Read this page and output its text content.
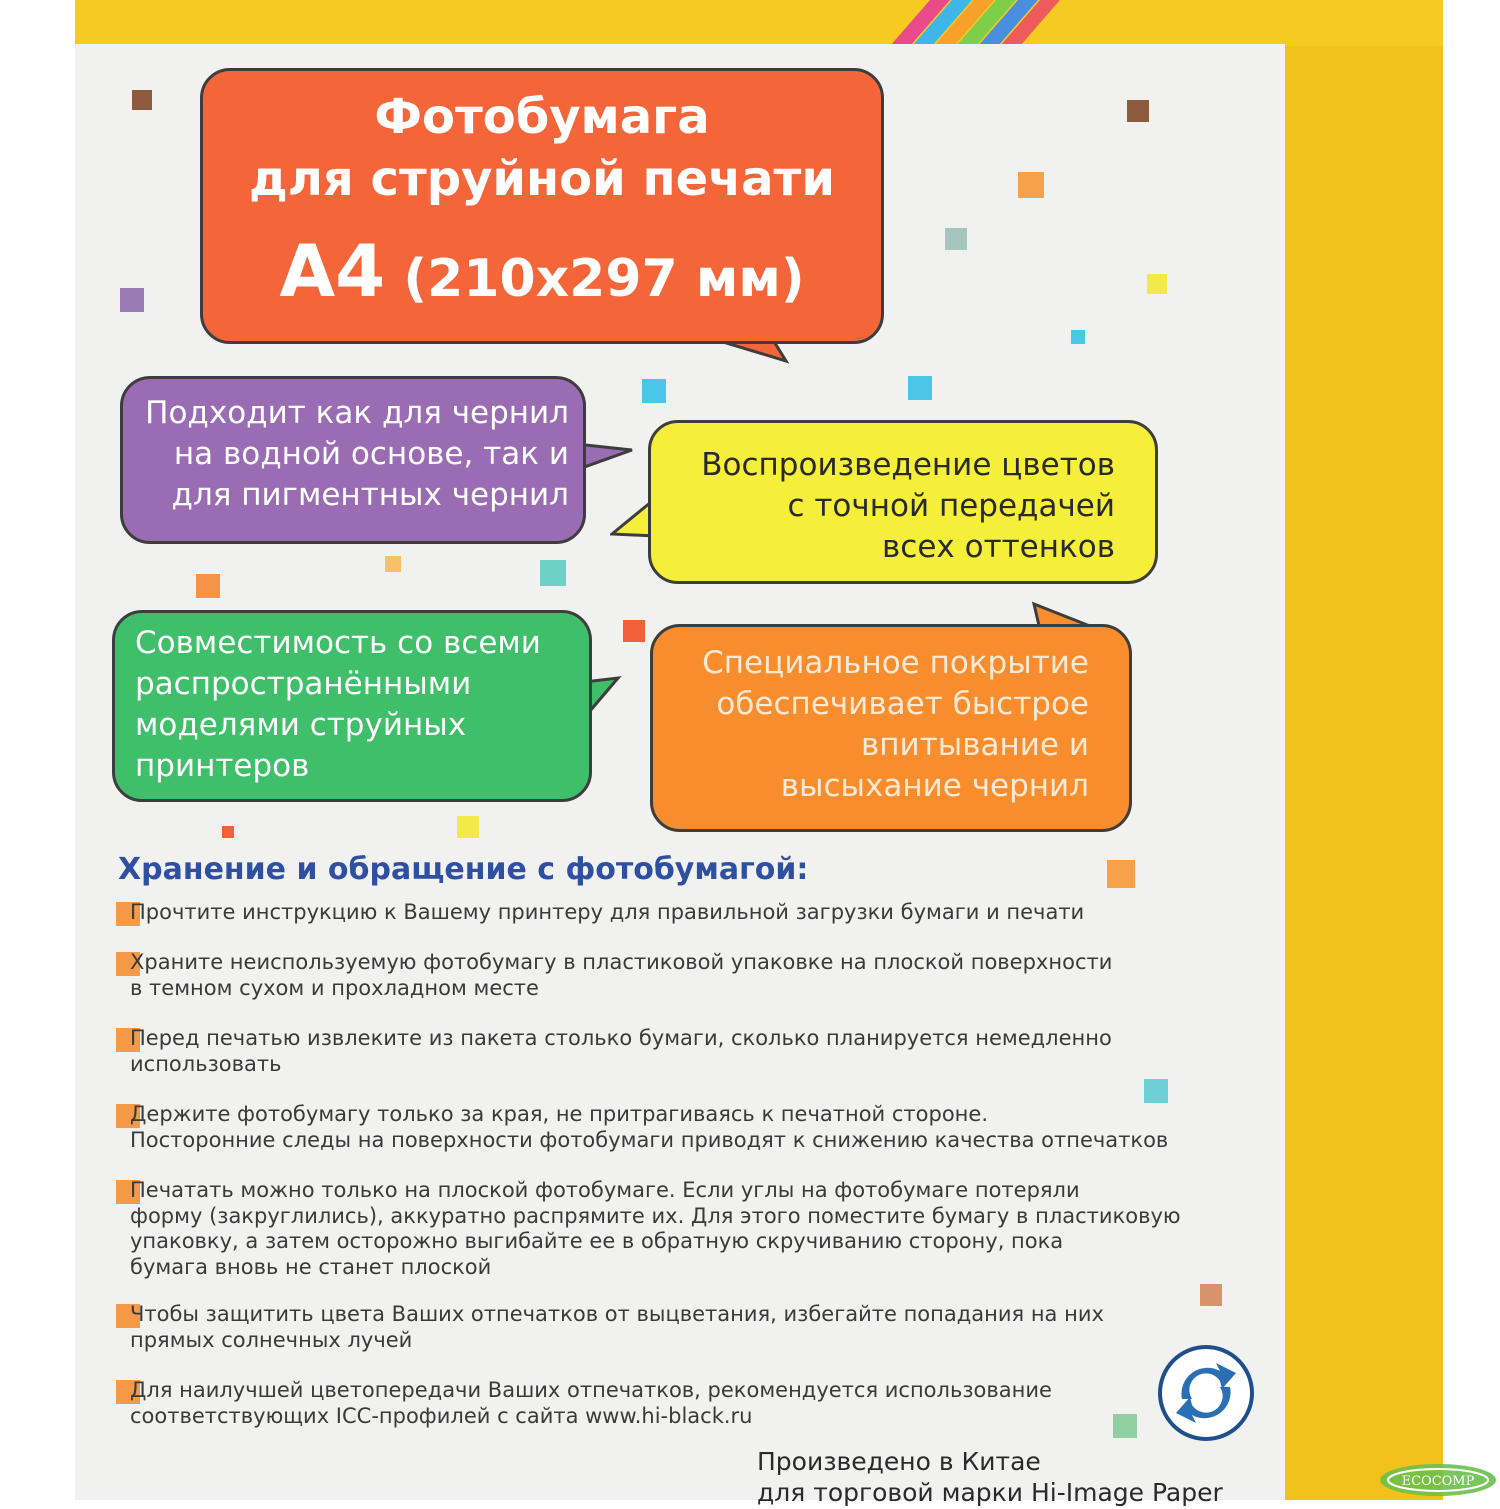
Фотобумага
для струйной печати
A4 (210x297 мм)
Подходит как для чернил
на водной основе, так и
для пигментных чернил
Воспроизведение цветов
с точной передачей
всех оттенков
Совместимость со всеми
распространёнными
моделями струйных
принтеров
Специальное покрытие
обеспечивает быстрое
впитывание и
высыхание чернил
Хранение и обращение с фотобумагой:
Прочтите инструкцию к Вашему принтеру для правильной загрузки бумаги и печати
Храните неиспользуемую фотобумагу в пластиковой упаковке на плоской поверхности
в темном сухом и прохладном месте
Перед печатью извлеките из пакета столько бумаги, сколько планируется немедленно
использовать
Держите фотобумагу только за края, не притрагиваясь к печатной стороне.
Посторонние следы на поверхности фотобумаги приводят к снижению качества отпечатков
Печатать можно только на плоской фотобумаге. Если углы на фотобумаге потеряли
форму (закруглились), аккуратно распрямите их. Для этого поместите бумагу в пластиковую
упаковку, а затем осторожно выгибайте ее в обратную скручиванию сторону, пока
бумага вновь не станет плоской
Чтобы защитить цвета Ваших отпечатков от выцветания, избегайте попадания на них
прямых солнечных лучей
Для наилучшей цветопередачи Ваших отпечатков, рекомендуется использование
соответствующих ICC-профилей с сайта www.hi-black.ru
Произведено в Китае
для торговой марки Hi-Image Paper	ECOCOMP
